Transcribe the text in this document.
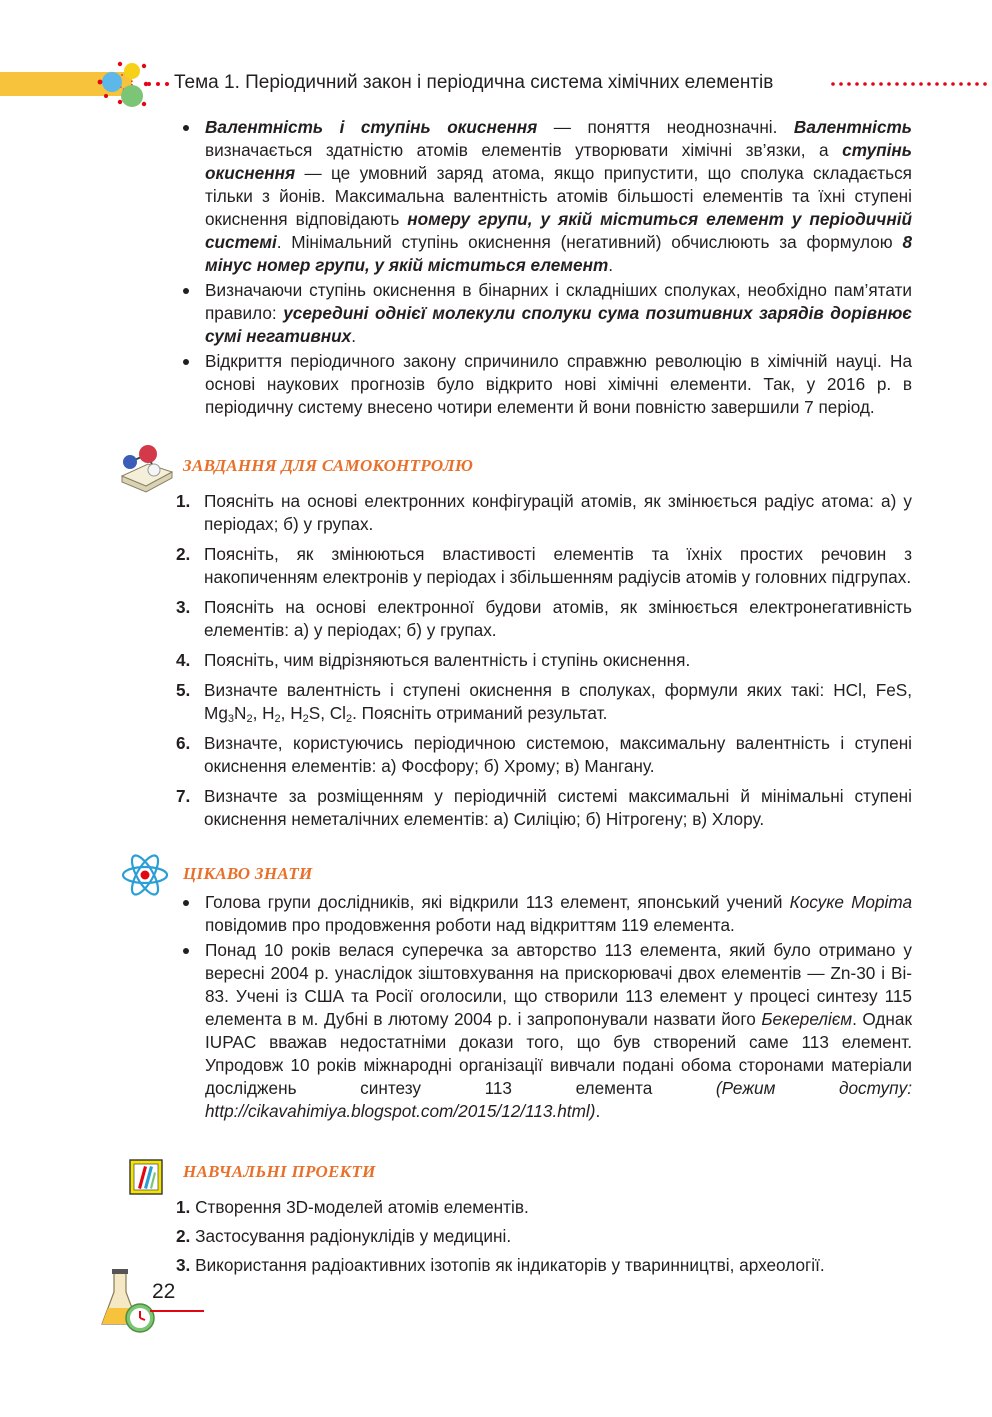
Тема 1. Періодичний закон і періодична система хімічних елементів
Валентність і ступінь окиснення — поняття неоднозначні. Валентність визначається здатністю атомів елементів утворювати хімічні зв’язки, а ступінь окиснення — це умовний заряд атома, якщо припустити, що сполука складається тільки з йонів. Максимальна валентність атомів більшості елементів та їхні ступені окиснення відповідають номеру групи, у якій міститься елемент у періодичній системі. Мінімальний ступінь окиснення (негативний) обчислюють за формулою 8 мінус номер групи, у якій міститься елемент.
Визначаючи ступінь окиснення в бінарних і складніших сполуках, необхідно пам’ятати правило: усередині однієї молекули сполуки сума позитивних зарядів дорівнює сумі негативних.
Відкриття періодичного закону спричинило справжню революцію в хімічній науці. На основі наукових прогнозів було відкрито нові хімічні елементи. Так, у 2016 р. в періодичну систему внесено чотири елементи й вони повністю завершили 7 період.
ЗАВДАННЯ ДЛЯ САМОКОНТРОЛЮ
1. Поясніть на основі електронних конфігурацій атомів, як змінюється радіус атома: а) у періодах; б) у групах.
2. Поясніть, як змінюються властивості елементів та їхніх простих речовин з накопиченням електронів у періодах і збільшенням радіусів атомів у головних підгрупах.
3. Поясніть на основі електронної будови атомів, як змінюється електронегативність елементів: а) у періодах; б) у групах.
4. Поясніть, чим відрізняються валентність і ступінь окиснення.
5. Визначте валентність і ступені окиснення в сполуках, формули яких такі: HCl, FeS, $Mg_3N_2$, $H_2$, $H_2S$, $Cl_2$. Поясніть отриманий результат.
6. Визначте, користуючись періодичною системою, максимальну валентність і ступені окиснення елементів: а) Фосфору; б) Хрому; в) Мангану.
7. Визначте за розміщенням у періодичній системі максимальні й мінімальні ступені окиснення неметалічних елементів: а) Силіцію; б) Нітрогену; в) Хлору.
ЦІКАВО ЗНАТИ
Голова групи дослідників, які відкрили 113 елемент, японський учений Косуке Моріта повідомив про продовження роботи над відкриттям 119 елемента.
Понад 10 років велася суперечка за авторство 113 елемента, який було отримано у вересні 2004 р. унаслідок зіштовхування на прискорювачі двох елементів — Zn-30 і Bi-83. Учені із США та Росії оголосили, що створили 113 елемент у процесі синтезу 115 елемента в м. Дубні в лютому 2004 р. і запропонували назвати його Бекерелієм. Однак IUPAC вважав недостатніми докази того, що був створений саме 113 елемент. Упродовж 10 років міжнародні організації вивчали подані обома сторонами матеріали досліджень синтезу 113 елемента (Режим доступу: http://cikavahimiya.blogspot.com/2015/12/113.html).
НАВЧАЛЬНІ ПРОЕКТИ
1. Створення 3D-моделей атомів елементів.
2. Застосування радіонуклідів у медицині.
3. Використання радіоактивних ізотопів як індикаторів у тваринництві, археології.
22
